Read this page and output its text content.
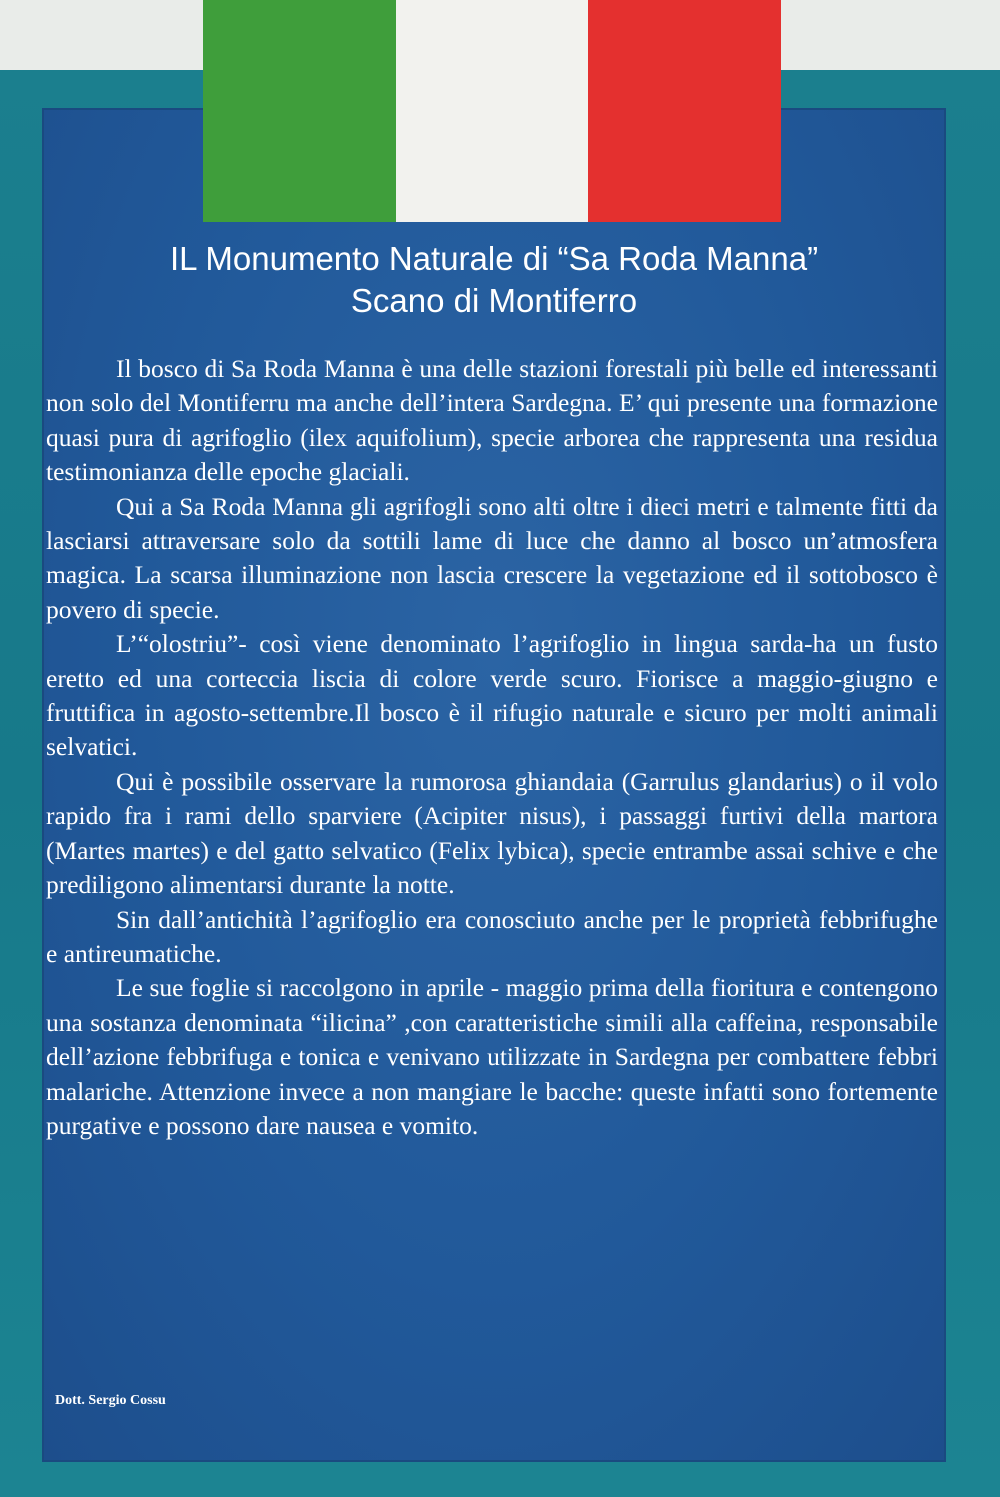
IL Monumento Naturale di “Sa Roda Manna”
Scano di Montiferro

Il bosco di Sa Roda Manna è una delle stazioni forestali più belle ed interessanti non solo del Montiferru ma anche dell’intera Sardegna. E’ qui presente una formazione quasi pura di agrifoglio (ilex aquifolium), specie arborea che rappresenta una residua testimonianza delle epoche glaciali.

Qui a Sa Roda Manna gli agrifogli sono alti oltre i dieci metri e talmente fitti da lasciarsi attraversare solo da sottili lame di luce che danno al bosco un’atmosfera magica. La scarsa illuminazione non lascia crescere la vegetazione ed il sottobosco è povero di specie.

L’“olostriu”- così viene denominato l’agrifoglio in lingua sarda-ha un fusto eretto ed una corteccia liscia di colore verde scuro. Fiorisce a maggio-giugno e fruttifica in agosto-settembre.Il bosco è il rifugio naturale e sicuro per molti animali selvatici.

Qui è possibile osservare la rumorosa ghiandaia (Garrulus glandarius) o il volo rapido fra i rami dello sparviere (Acipiter nisus), i passaggi furtivi della martora (Martes martes) e del gatto selvatico (Felix lybica), specie entrambe assai schive e che prediligono alimentarsi durante la notte.

Sin dall’antichità l’agrifoglio era conosciuto anche per le proprietà febbrifughe e antireumatiche.

Le sue foglie si raccolgono in aprile - maggio prima della fioritura e contengono una sostanza denominata “ilicina” ,con caratteristiche simili alla caffeina, responsabile dell’azione febbrifuga e tonica e venivano utilizzate in Sardegna per combattere febbri malariche. Attenzione invece a non mangiare le bacche: queste infatti sono fortemente purgative e possono dare nausea e vomito.

Dott. Sergio Cossu
